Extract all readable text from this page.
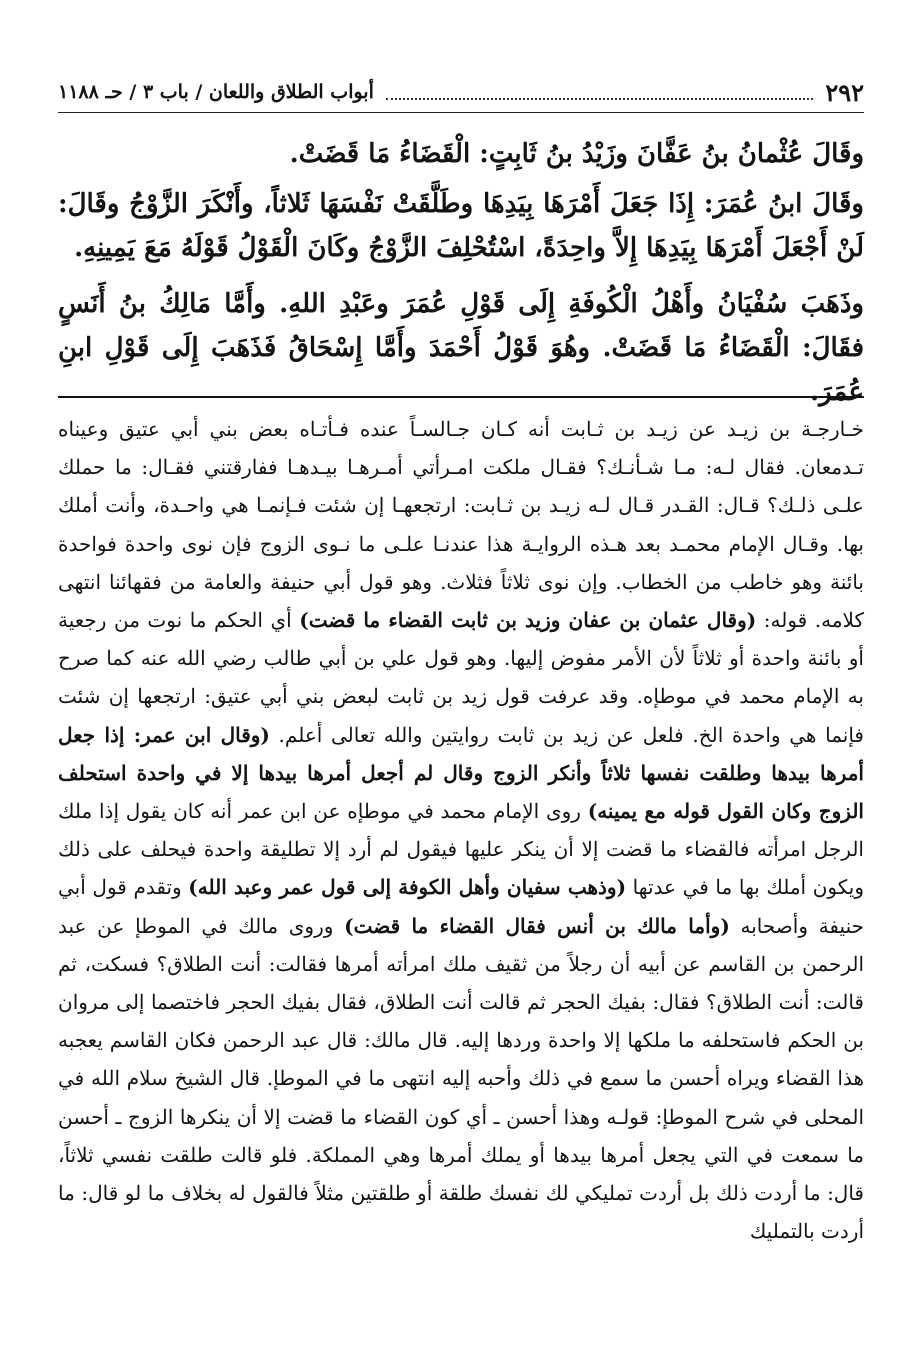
٢٩٢
أبواب الطلاق واللعان / باب ٣ / حـ ١١٨٨

وقَالَ عُثْمانُ بنُ عَفَّانَ وزَيْدُ بنُ ثَابِتٍ: الْقَضَاءُ مَا قَضَتْ.

وقَالَ ابنُ عُمَرَ: إِذَا جَعَلَ أَمْرَهَا بِيَدِهَا وطَلَّقَتْ نَفْسَهَا ثَلاثاً، وأَنْكَرَ الزَّوْجُ وقَالَ: لَنْ أَجْعَلَ أَمْرَهَا بِيَدِهَا إِلاَّ واحِدَةً، اسْتُحْلِفَ الزَّوْجُ وكَانَ الْقَوْلُ قَوْلَهُ مَعَ يَمِينِهِ.

وذَهَبَ سُفْيَانُ وأَهْلُ الْكُوفَةِ إِلَى قَوْلِ عُمَرَ وعَبْدِ اللهِ. وأَمَّا مَالِكُ بنُ أَنَسٍ فقَالَ: الْقَضَاءُ مَا قَضَتْ. وهُوَ قَوْلُ أَحْمَدَ وأَمَّا إِسْحَاقُ فَذَهَبَ إِلَى قَوْلِ ابنِ عُمَرَ.

خـارجـة بن زيـد عن زيـد بن ثـابت أنه كـان جـالسـاً عنده فـأتـاه بعض بني أبي عتيق وعيناه تـدمعان. فقال لـه: مـا شـأنـك؟ فقـال ملكت امـرأتي أمـرهـا بيـدهـا ففارقتني فقـال: ما حملك علـى ذلـك؟ قـال: القـدر قـال لـه زيـد بن ثـابت: ارتجعهـا إن شئت فـإنمـا هي واحـدة، وأنت أملك بها. وقـال الإمام محمـد بعد هـذه الروايـة هذا عندنـا علـى ما نـوى الزوج فإن نوى واحدة فواحدة بائنة وهو خاطب من الخطاب. وإن نوى ثلاثاً فثلاث. وهو قول أبي حنيفة والعامة من فقهائنا انتهى كلامه. قوله: (وقال عثمان بن عفان وزيد بن ثابت القضاء ما قضت) أي الحكم ما نوت من رجعية أو بائنة واحدة أو ثلاثاً لأن الأمر مفوض إليها. وهو قول علي بن أبي طالب رضي الله عنه كما صرح به الإمام محمد في موطإه. وقد عرفت قول زيد بن ثابت لبعض بني أبي عتيق: ارتجعها إن شئت فإنما هي واحدة الخ. فلعل عن زيد بن ثابت روايتين والله تعالى أعلم. (وقال ابن عمر: إذا جعل أمرها بيدها وطلقت نفسها ثلاثاً وأنكر الزوج وقال لم أجعل أمرها بيدها إلا في واحدة استحلف الزوج وكان القول قوله مع يمينه) روى الإمام محمد في موطإه عن ابن عمر أنه كان يقول إذا ملك الرجل امرأته فالقضاء ما قضت إلا أن ينكر عليها فيقول لم أرد إلا تطليقة واحدة فيحلف على ذلك ويكون أملك بها ما في عدتها (وذهب سفيان وأهل الكوفة إلى قول عمر وعبد الله) وتقدم قول أبي حنيفة وأصحابه (وأما مالك بن أنس فقال القضاء ما قضت) وروى مالك في الموطإ عن عبد الرحمن بن القاسم عن أبيه أن رجلاً من ثقيف ملك امرأته أمرها فقالت: أنت الطلاق؟ فسكت، ثم قالت: أنت الطلاق؟ فقال: بفيك الحجر ثم قالت أنت الطلاق، فقال بفيك الحجر فاختصما إلى مروان بن الحكم فاستحلفه ما ملكها إلا واحدة وردها إليه. قال مالك: قال عبد الرحمن فكان القاسم يعجبه هذا القضاء ويراه أحسن ما سمع في ذلك وأحبه إليه انتهى ما في الموطإ. قال الشيخ سلام الله في المحلى في شرح الموطإ: قولـه وهذا أحسن ـ أي كون القضاء ما قضت إلا أن ينكرها الزوج ـ أحسن ما سمعت في التي يجعل أمرها بيدها أو يملك أمرها وهي المملكة. فلو قالت طلقت نفسي ثلاثاً، قال: ما أردت ذلك بل أردت تمليكي لك نفسك طلقة أو طلقتين مثلاً فالقول له بخلاف ما لو قال: ما أردت بالتمليك
